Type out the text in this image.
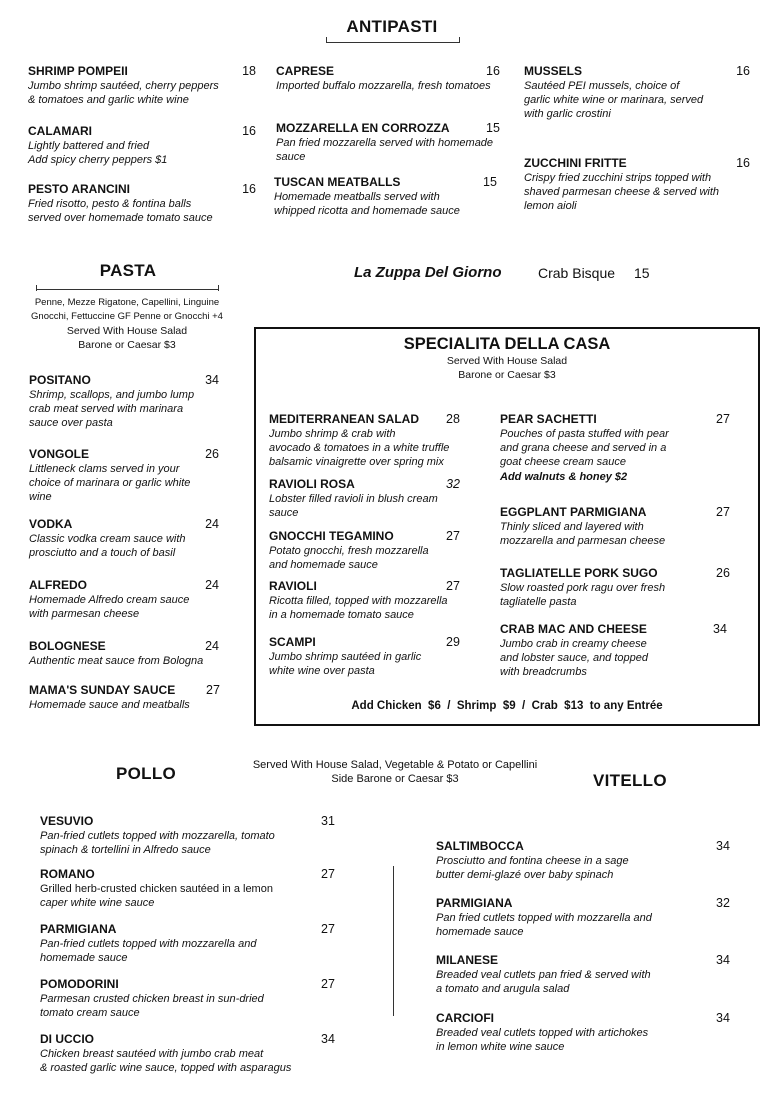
ANTIPASTI
SHRIMP POMPEII	18
Jumbo shrimp sautéed, cherry peppers
& tomatoes and garlic white wine
CALAMARI	16
Lightly battered and fried
Add spicy cherry peppers $1
PESTO ARANCINI	16
Fried risotto, pesto & fontina balls
served over homemade tomato sauce
CAPRESE	16
Imported buffalo mozzarella, fresh tomatoes
MOZZARELLA EN CORROZZA	15
Pan fried mozzarella served with homemade
sauce
TUSCAN MEATBALLS	15
Homemade meatballs served with
whipped ricotta and homemade sauce
MUSSELS	16
Sautéed PEI mussels, choice of
garlic white wine or marinara, served
with garlic crostini
ZUCCHINI FRITTE	16
Crispy fried zucchini strips topped with
shaved parmesan cheese & served with
lemon aioli
La Zuppa Del Giorno	Crab Bisque 15
PASTA
Penne, Mezze Rigatone, Capellini, Linguine
Gnocchi, Fettuccine GF Penne or Gnocchi +4
Served With House Salad
Barone or Caesar $3
POSITANO	34
Shrimp, scallops, and jumbo lump
crab meat served with marinara
sauce over pasta
VONGOLE	26
Littleneck clams served in your
choice of marinara or garlic white
wine
VODKA	24
Classic vodka cream sauce with
prosciutto and a touch of basil
ALFREDO	24
Homemade Alfredo cream sauce
with parmesan cheese
BOLOGNESE	24
Authentic meat sauce from Bologna
MAMA'S SUNDAY SAUCE	27
Homemade sauce and meatballs
SPECIALITA DELLA CASA
Served With House Salad
Barone or Caesar $3
MEDITERRANEAN SALAD	28
Jumbo shrimp & crab with
avocado & tomatoes in a white truffle
balsamic vinaigrette over spring mix
RAVIOLI ROSA	32
Lobster filled ravioli in blush cream
sauce
GNOCCHI TEGAMINO	27
Potato gnocchi, fresh mozzarella
and homemade sauce
RAVIOLI	27
Ricotta filled, topped with mozzarella
in a homemade tomato sauce
SCAMPI	29
Jumbo shrimp sautéed in garlic
white wine over pasta
PEAR SACHETTI	27
Pouches of pasta stuffed with pear
and grana cheese and served in a
goat cheese cream sauce
Add walnuts & honey $2
EGGPLANT PARMIGIANA	27
Thinly sliced and layered with
mozzarella and parmesan cheese
TAGLIATELLE PORK SUGO	26
Slow roasted pork ragu over fresh
tagliatelle pasta
CRAB MAC AND CHEESE	34
Jumbo crab in creamy cheese
and lobster sauce, and topped
with breadcrumbs
Add Chicken  $6  /  Shrimp  $9  /  Crab  $13  to any Entrée
Served With House Salad, Vegetable & Potato or Capellini
Side Barone or Caesar $3
POLLO
VESUVIO	31
Pan-fried cutlets topped with mozzarella, tomato
spinach & tortellini in Alfredo sauce
ROMANO	27
Grilled herb-crusted chicken sautéed in a lemon
caper white wine sauce
PARMIGIANA	27
Pan-fried cutlets topped with mozzarella and
homemade sauce
POMODORINI	27
Parmesan crusted chicken breast in sun-dried
tomato cream sauce
DI UCCIO	34
Chicken breast sautéed with jumbo crab meat
& roasted garlic wine sauce, topped with asparagus
VITELLO
SALTIMBOCCA	34
Prosciutto and fontina cheese in a sage
butter demi-glazé over baby spinach
PARMIGIANA	32
Pan fried cutlets topped with mozzarella and
homemade sauce
MILANESE	34
Breaded veal cutlets pan fried & served with
a tomato and arugula salad
CARCIOFI	34
Breaded veal cutlets topped with artichokes
in lemon white wine sauce
